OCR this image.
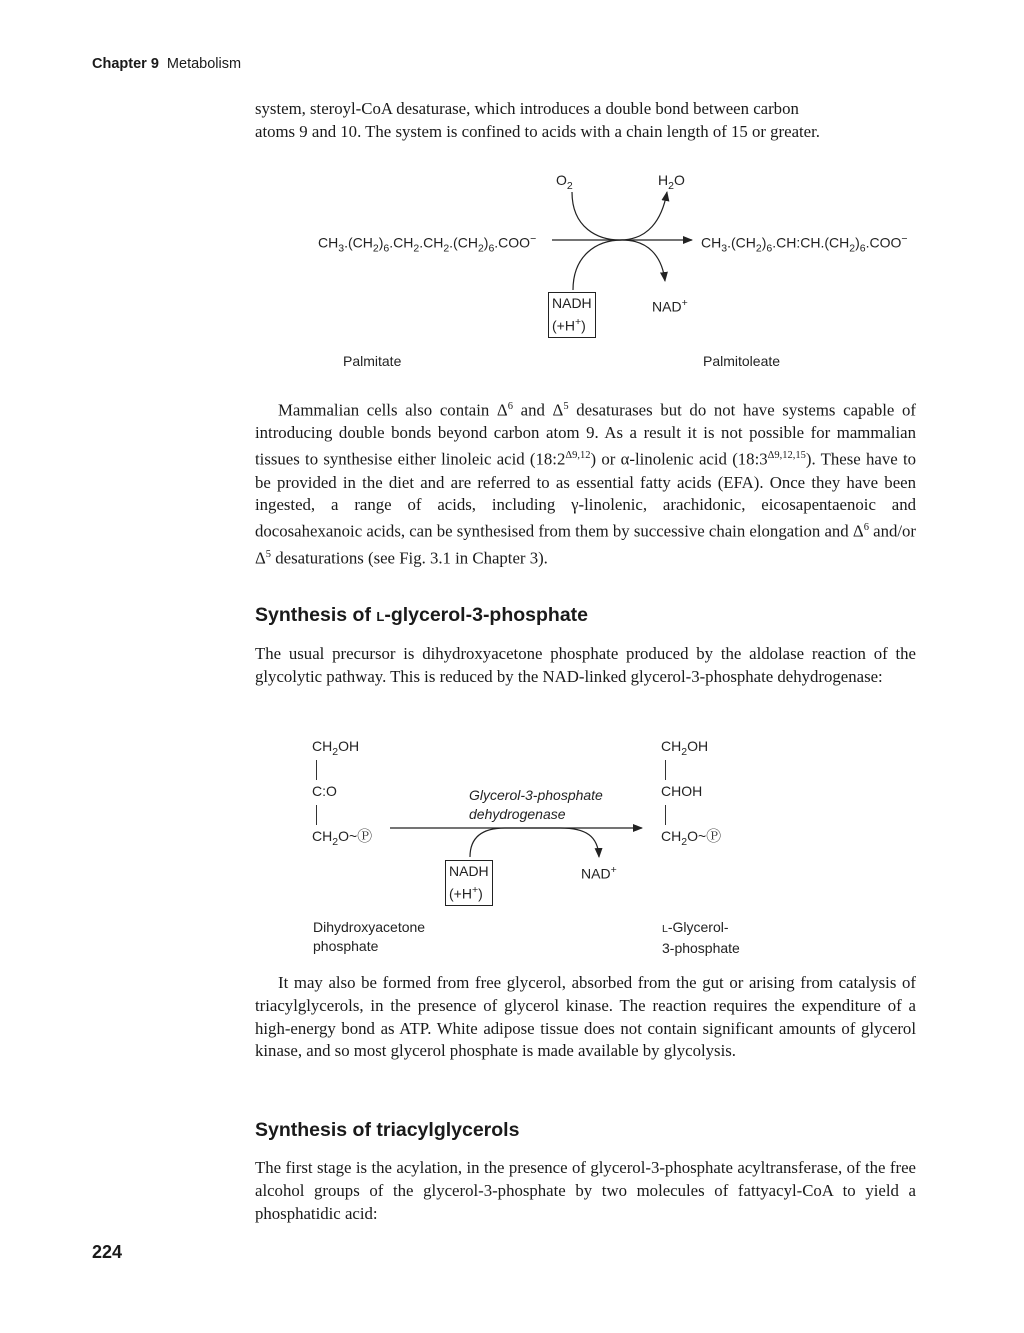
Chapter 9 Metabolism
system, steroyl-CoA desaturase, which introduces a double bond between carbon
atoms 9 and 10. The system is confined to acids with a chain length of 15 or greater.
$O_2$	$H_2O$
$CH_3.(CH_2)_6.CH_2.CH_2.(CH_2)_6.COO^-$	$CH_3.(CH_2)_6.CH:CH.(CH_2)_6.COO^-$
NADH
(+H+)
NAD+
Palmitate	Palmitoleate
Mammalian cells also contain $\Delta^6$ and $\Delta^5$ desaturases but do not have systems capable of introducing double bonds beyond carbon atom 9. As a result it is not possible for mammalian tissues to synthesise either linoleic acid $(18:2^{\Delta 9,12})$ or α-linolenic acid $(18:3^{\Delta 9,12,15})$. These have to be provided in the diet and are referred to as essential fatty acids (EFA). Once they have been ingested, a range of acids, including γ-linolenic, arachidonic, eicosapentaenoic and docosahexanoic acids, can be synthesised from them by successive chain elongation and $\Delta^6$ and/or $\Delta^5$ desaturations (see Fig. 3.1 in Chapter 3).
Synthesis of L-glycerol-3-phosphate
The usual precursor is dihydroxyacetone phosphate produced by the aldolase reaction of the glycolytic pathway. This is reduced by the NAD-linked glycerol-3-phosphate dehydrogenase:
$CH_2OH$
C:O
$CH_2O\simⓅ$
$CH_2OH$
CHOH
$CH_2O\simⓅ$
Glycerol-3-phosphate
dehydrogenase
NADH
(+H+)
NAD+
Dihydroxyacetone
phosphate
L-Glycerol-
3-phosphate
It may also be formed from free glycerol, absorbed from the gut or arising from catalysis of triacylglycerols, in the presence of glycerol kinase. The reaction requires the expenditure of a high-energy bond as ATP. White adipose tissue does not contain significant amounts of glycerol kinase, and so most glycerol phosphate is made available by glycolysis.
Synthesis of triacylglycerols
The first stage is the acylation, in the presence of glycerol-3-phosphate acyltransferase, of the free alcohol groups of the glycerol-3-phosphate by two molecules of fattyacyl-CoA to yield a phosphatidic acid:
224
